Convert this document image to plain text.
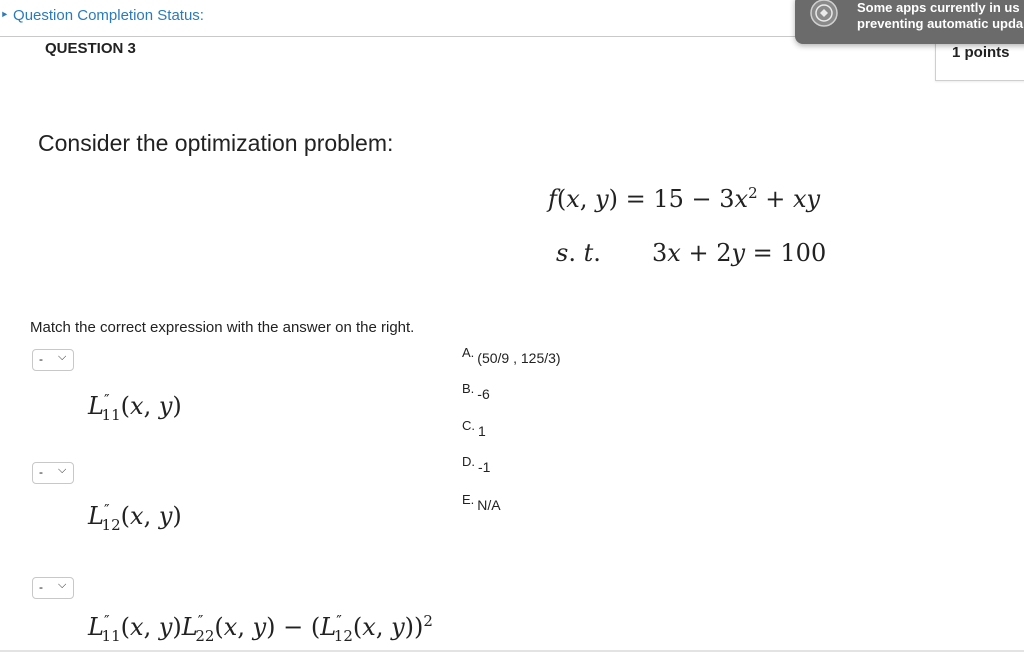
‣ Question Completion Status:
QUESTION 3	1 points
Some apps currently in us
preventing automatic upda
Consider the optimization problem:
f(x, $y) = 15 - 3x^2$ + xy
s. t. 3x + 2y = 100
Match the correct expression with the answer on the right.
- ⌵
$L''_{11}(x$, y)
- ⌵
$L''_{12}(x$, y)
- ⌵
$L''_{11}(x$, $y)L''_{22}(x$, $y) - (L''_{12}(x$, y))$^2$
A. (50/9 , 125/3)
B. -6
C. 1
D. -1
E. N/A
